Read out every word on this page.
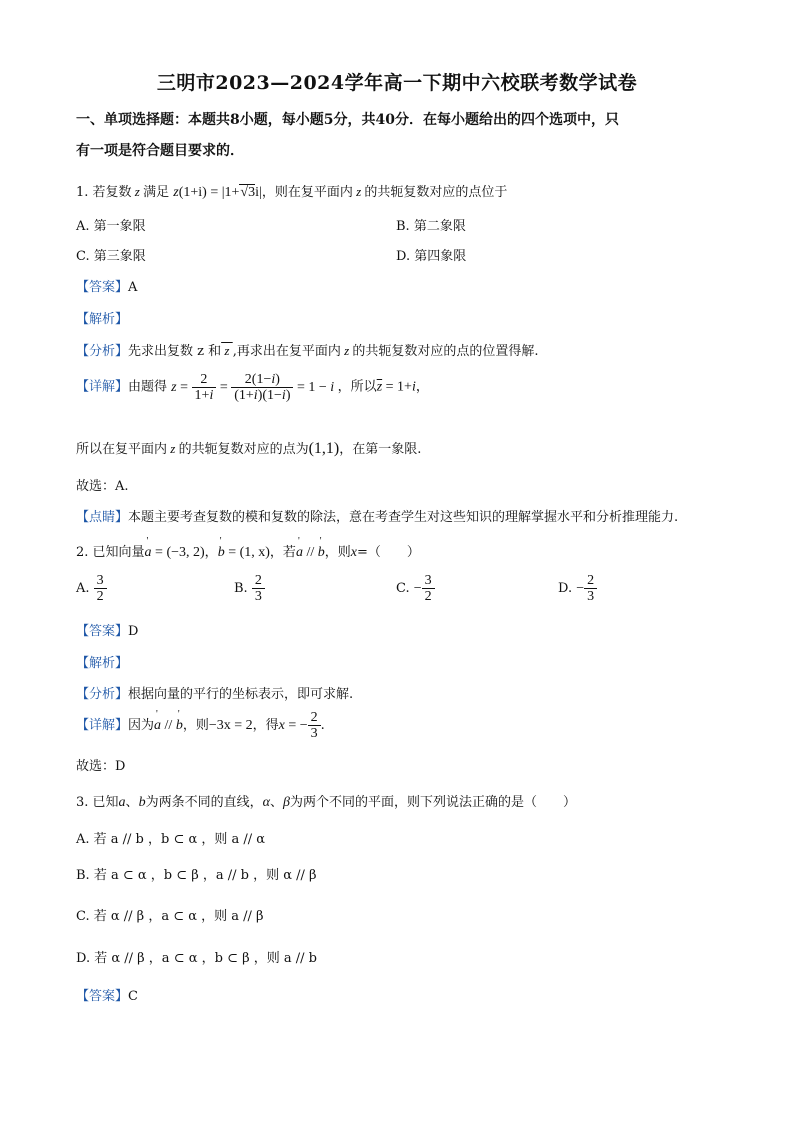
三明市2023—2024学年高一下期中六校联考数学试卷
一、单项选择题：本题共8小题，每小题5分，共40分．在每小题给出的四个选项中，只
有一项是符合题目要求的．
1. 若复数 z 满足 z(1+i) = |1+√3i|，则在复平面内 z 的共轭复数对应的点位于
A. 第一象限	B. 第二象限
C. 第三象限	D. 第四象限
【答案】A
【解析】
【分析】先求出复数 z 和 z ,再求出在复平面内 z 的共轭复数对应的点的位置得解.
【详解】由题得 $z = \frac{2}{1+i} = \frac{2(1-i)}{(1+i)(1-i)} = 1 - i$ ，所以$\overline{z} = 1+i$，
所以在复平面内 z 的共轭复数对应的点为(1,1)，在第一象限.
故选：A.
【点睛】本题主要考查复数的模和复数的除法，意在考查学生对这些知识的理解掌握水平和分析推理能力.
2. 已知向量' a = (−3, 2)，' b = (1, x)，若' a // ' b，则x=（　　）
A. $\frac{3}{2}$	B. $\frac{2}{3}$	C. − $\frac{3}{2}$	D. − $\frac{2}{3}$
【答案】D
【解析】
【分析】根据向量的平行的坐标表示，即可求解.
【详解】因为' a // ' b，则−3x = 2，得x = − $\frac{2}{3}$ .
故选：D
3. 已知a、b为两条不同的直线，α、β为两个不同的平面，则下列说法正确的是（　　）
A. 若 a // b ，b ⊂ α ，则 a // α
B. 若 a ⊂ α ，b ⊂ β ，a // b ，则 α // β
C. 若 α // β ，a ⊂ α ，则 a // β
D. 若 α // β ，a ⊂ α ，b ⊂ β ，则 a // b
【答案】C
